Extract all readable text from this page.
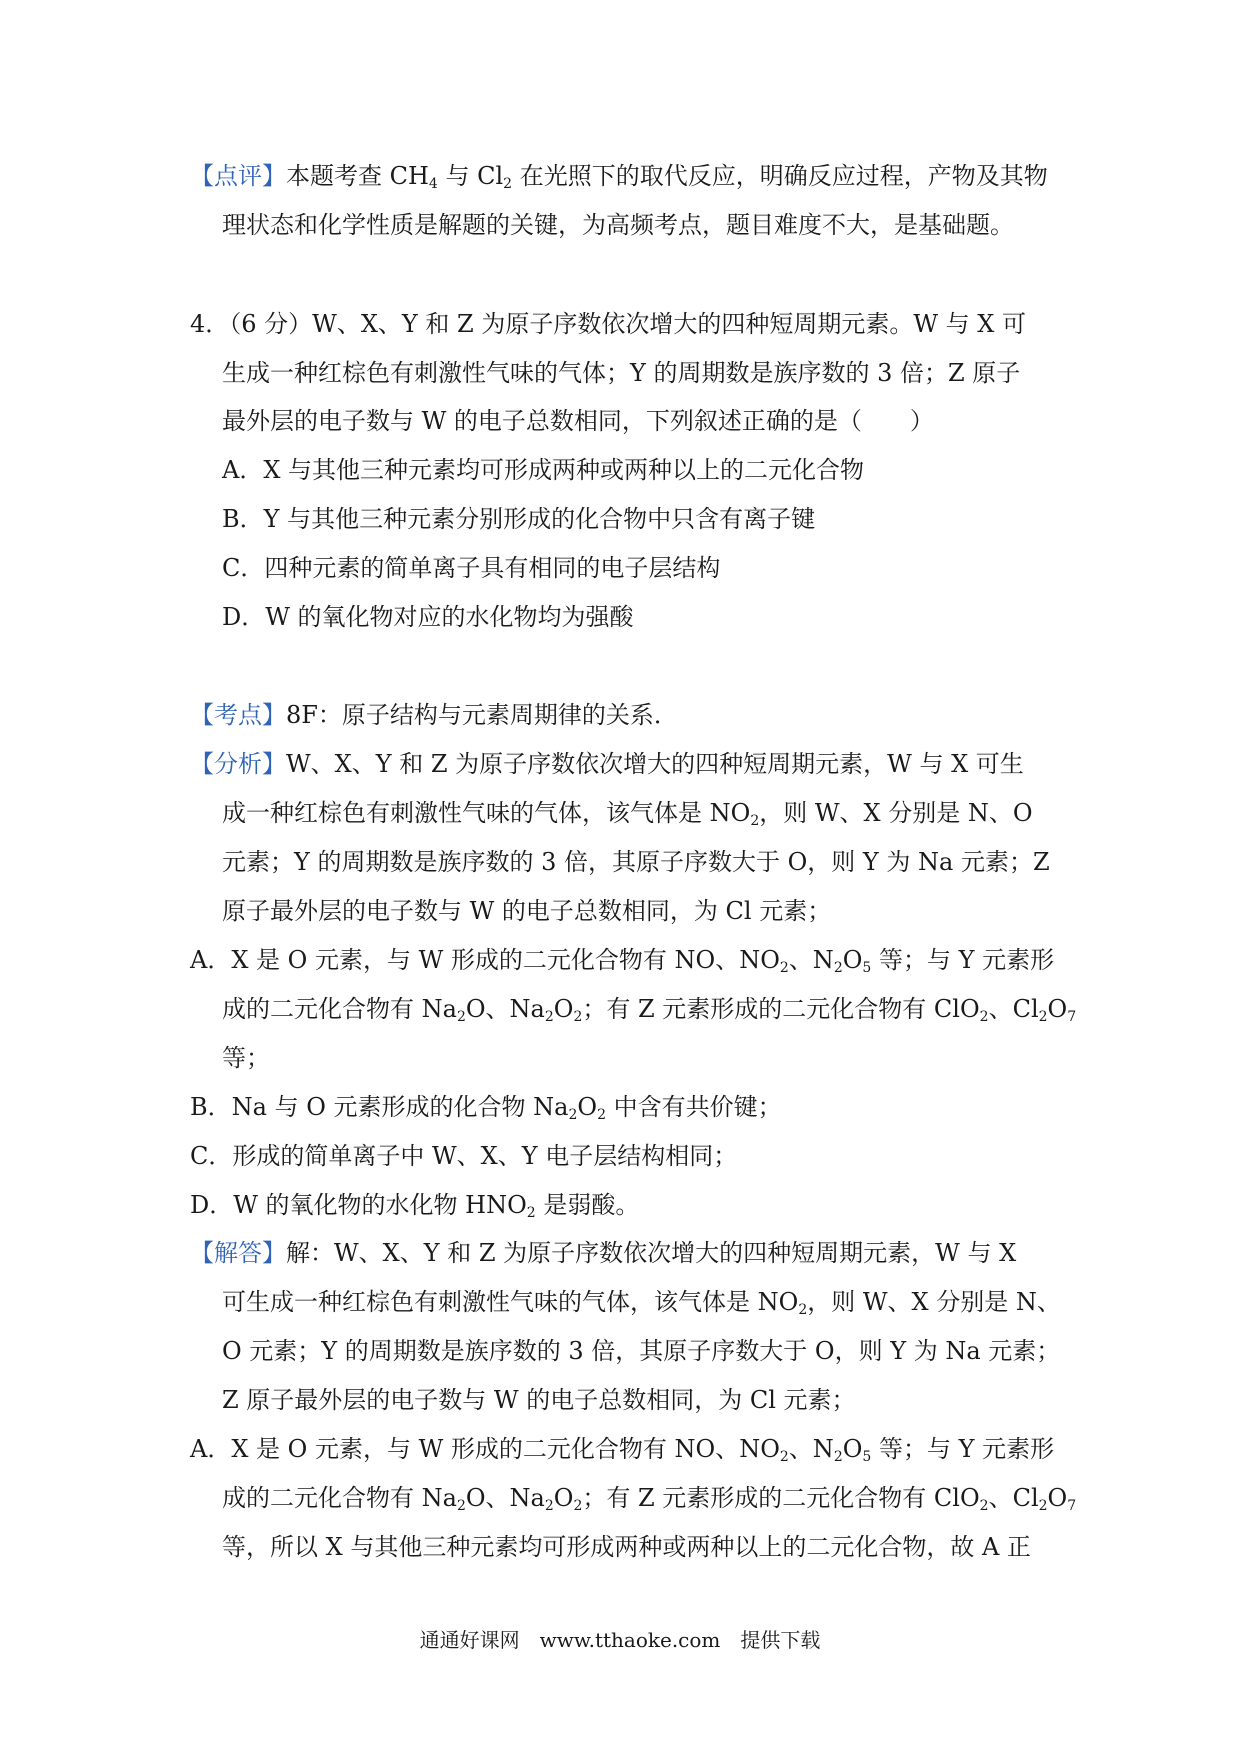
【点评】本题考查 $CH_4$ 与 $Cl_2$ 在光照下的取代反应，明确反应过程，产物及其物
理状态和化学性质是解题的关键，为高频考点，题目难度不大，是基础题。
4．（6 分）W、X、Y 和 Z 为原子序数依次增大的四种短周期元素。W 与 X 可
生成一种红棕色有刺激性气味的气体；Y 的周期数是族序数的 3 倍；Z 原子
最外层的电子数与 W 的电子总数相同，下列叙述正确的是（　　）
A．X 与其他三种元素均可形成两种或两种以上的二元化合物
B．Y 与其他三种元素分别形成的化合物中只含有离子键
C．四种元素的简单离子具有相同的电子层结构
D．W 的氧化物对应的水化物均为强酸
【考点】8F：原子结构与元素周期律的关系．
【分析】W、X、Y 和 Z 为原子序数依次增大的四种短周期元素，W 与 X 可生
成一种红棕色有刺激性气味的气体，该气体是 $NO_2$，则 W、X 分别是 N、O
元素；Y 的周期数是族序数的 3 倍，其原子序数大于 O，则 Y 为 Na 元素；Z
原子最外层的电子数与 W 的电子总数相同，为 Cl 元素；
A．X 是 O 元素，与 W 形成的二元化合物有 NO、$NO_2$、$N_2O_5$ 等；与 Y 元素形
成的二元化合物有 $Na_2O$、$Na_2O_2$；有 Z 元素形成的二元化合物有 ClO$_2$、$Cl_2O_7$
等；
B．Na 与 O 元素形成的化合物 $Na_2O_2$ 中含有共价键；
C．形成的简单离子中 W、X、Y 电子层结构相同；
D．W 的氧化物的水化物 $HNO_2$ 是弱酸。
【解答】解：W、X、Y 和 Z 为原子序数依次增大的四种短周期元素，W 与 X
可生成一种红棕色有刺激性气味的气体，该气体是 $NO_2$，则 W、X 分别是 N、
O 元素；Y 的周期数是族序数的 3 倍，其原子序数大于 O，则 Y 为 Na 元素；
Z 原子最外层的电子数与 W 的电子总数相同，为 Cl 元素；
A．X 是 O 元素，与 W 形成的二元化合物有 NO、$NO_2$、$N_2O_5$ 等；与 Y 元素形
成的二元化合物有 $Na_2O$、$Na_2O_2$；有 Z 元素形成的二元化合物有 ClO$_2$、$Cl_2O_7$
等，所以 X 与其他三种元素均可形成两种或两种以上的二元化合物，故 A 正
通通好课网　www.tthaoke.com　提供下载
